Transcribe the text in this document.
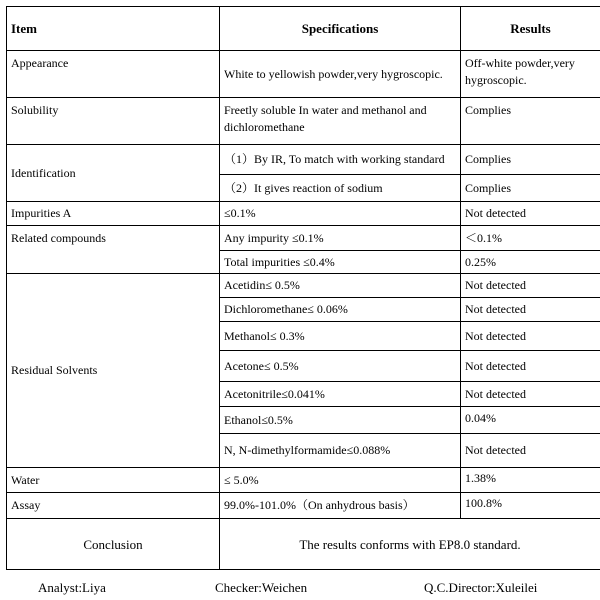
Item	Specifications	Results
Appearance	White to yellowish powder,very hygroscopic.	Off-white powder,very hygroscopic.
Solubility	Freetly soluble In water and methanol and dichloromethane	Complies
Identification	（1）By IR, To match with working standard	Complies
	（2）It gives reaction of sodium	Complies
Impurities A	≤0.1%	Not detected
Related compounds	Any impurity ≤0.1%	＜0.1%
	Total impurities ≤0.4%	0.25%
Residual Solvents	Acetidin≤ 0.5%	Not detected
	Dichloromethane≤ 0.06%	Not detected
	Methanol≤ 0.3%	Not detected
	Acetone≤ 0.5%	Not detected
	Acetonitrile≤0.041%	Not detected
	Ethanol≤0.5%	0.04%
	N, N-dimethylformamide≤0.088%	Not detected
Water	≤ 5.0%	1.38%
Assay	99.0%-101.0%（On anhydrous basis）	100.8%
Conclusion	The results conforms with EP8.0 standard.	
Analyst:Liya	Checker:Weichen	Q.C.Director:Xuleilei
